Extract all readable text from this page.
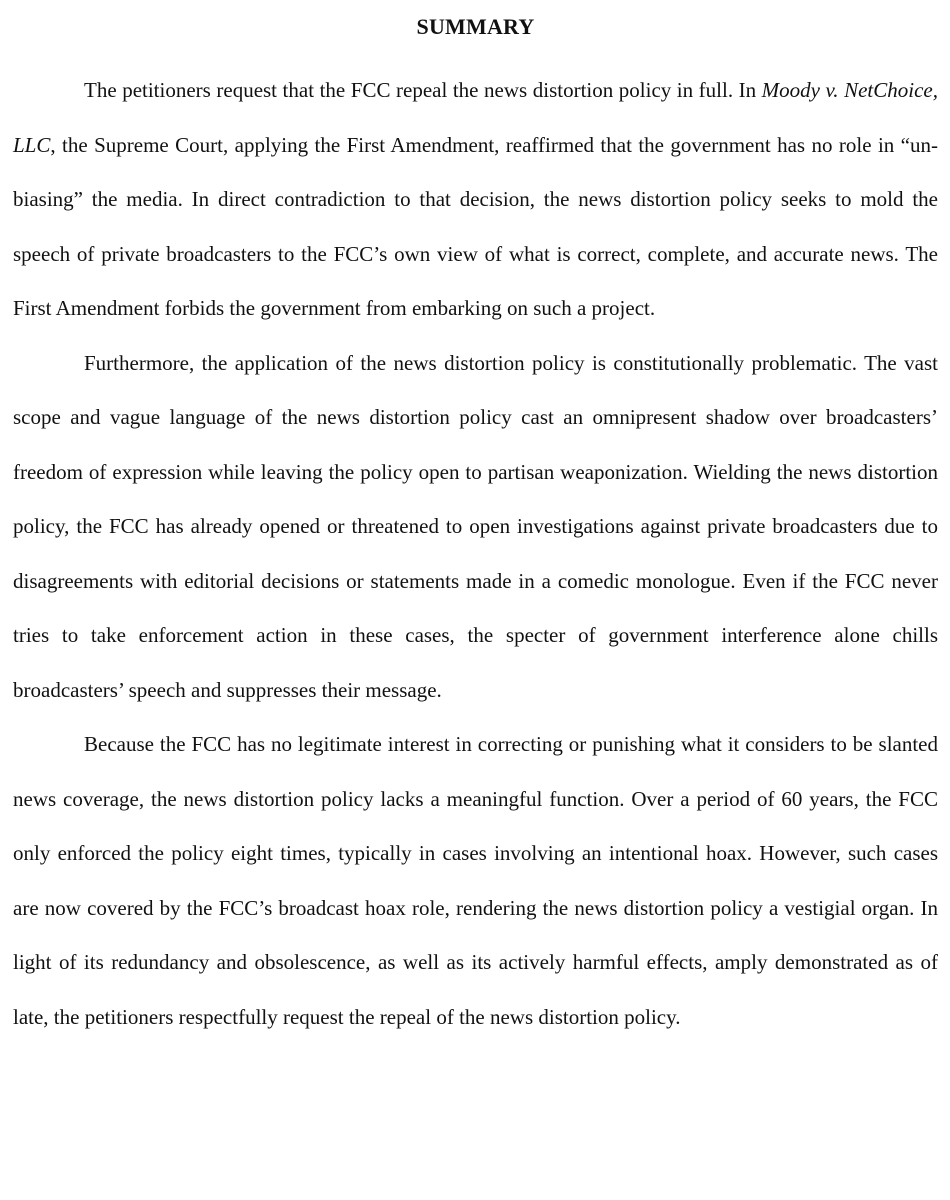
SUMMARY

The petitioners request that the FCC repeal the news distortion policy in full. In Moody v. NetChoice, LLC, the Supreme Court, applying the First Amendment, reaffirmed that the government has no role in “un-biasing” the media. In direct contradiction to that decision, the news distortion policy seeks to mold the speech of private broadcasters to the FCC’s own view of what is correct, complete, and accurate news. The First Amendment forbids the government from embarking on such a project.

Furthermore, the application of the news distortion policy is constitutionally problematic. The vast scope and vague language of the news distortion policy cast an omnipresent shadow over broadcasters’ freedom of expression while leaving the policy open to partisan weaponization. Wielding the news distortion policy, the FCC has already opened or threatened to open investigations against private broadcasters due to disagreements with editorial decisions or statements made in a comedic monologue. Even if the FCC never tries to take enforcement action in these cases, the specter of government interference alone chills broadcasters’ speech and suppresses their message.

Because the FCC has no legitimate interest in correcting or punishing what it considers to be slanted news coverage, the news distortion policy lacks a meaningful function. Over a period of 60 years, the FCC only enforced the policy eight times, typically in cases involving an intentional hoax. However, such cases are now covered by the FCC’s broadcast hoax role, rendering the news distortion policy a vestigial organ. In light of its redundancy and obsolescence, as well as its actively harmful effects, amply demonstrated as of late, the petitioners respectfully request the repeal of the news distortion policy.
